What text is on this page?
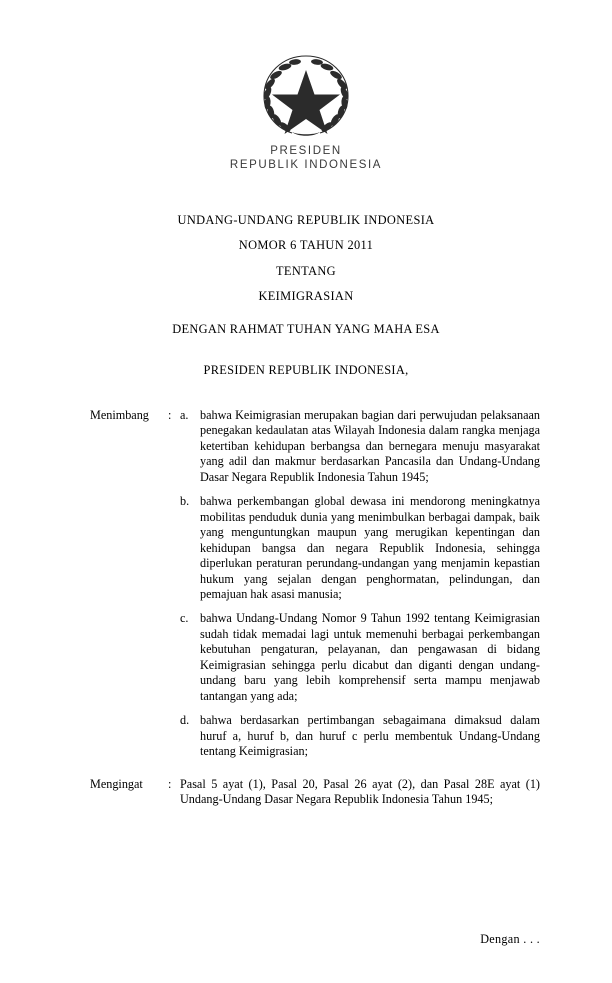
PRESIDEN
REPUBLIK INDONESIA
UNDANG-UNDANG REPUBLIK INDONESIA
NOMOR 6 TAHUN 2011
TENTANG
KEIMIGRASIAN
DENGAN RAHMAT TUHAN YANG MAHA ESA
PRESIDEN REPUBLIK INDONESIA,
Menimbang	: a. bahwa Keimigrasian merupakan bagian dari perwujudan pelaksanaan penegakan kedaulatan atas Wilayah Indonesia dalam rangka menjaga ketertiban kehidupan berbangsa dan bernegara menuju masyarakat yang adil dan makmur berdasarkan Pancasila dan Undang-Undang Dasar Negara Republik Indonesia Tahun 1945;
b. bahwa perkembangan global dewasa ini mendorong meningkatnya mobilitas penduduk dunia yang menimbulkan berbagai dampak, baik yang menguntungkan maupun yang merugikan kepentingan dan kehidupan bangsa dan negara Republik Indonesia, sehingga diperlukan peraturan perundang-undangan yang menjamin kepastian hukum yang sejalan dengan penghormatan, pelindungan, dan pemajuan hak asasi manusia;
c. bahwa Undang-Undang Nomor 9 Tahun 1992 tentang Keimigrasian sudah tidak memadai lagi untuk memenuhi berbagai perkembangan kebutuhan pengaturan, pelayanan, dan pengawasan di bidang Keimigrasian sehingga perlu dicabut dan diganti dengan undang-undang baru yang lebih komprehensif serta mampu menjawab tantangan yang ada;
d. bahwa berdasarkan pertimbangan sebagaimana dimaksud dalam huruf a, huruf b, dan huruf c perlu membentuk Undang-Undang tentang Keimigrasian;
Mengingat	: Pasal 5 ayat (1), Pasal 20, Pasal 26 ayat (2), dan Pasal 28E ayat (1) Undang-Undang Dasar Negara Republik Indonesia Tahun 1945;
Dengan . . .
